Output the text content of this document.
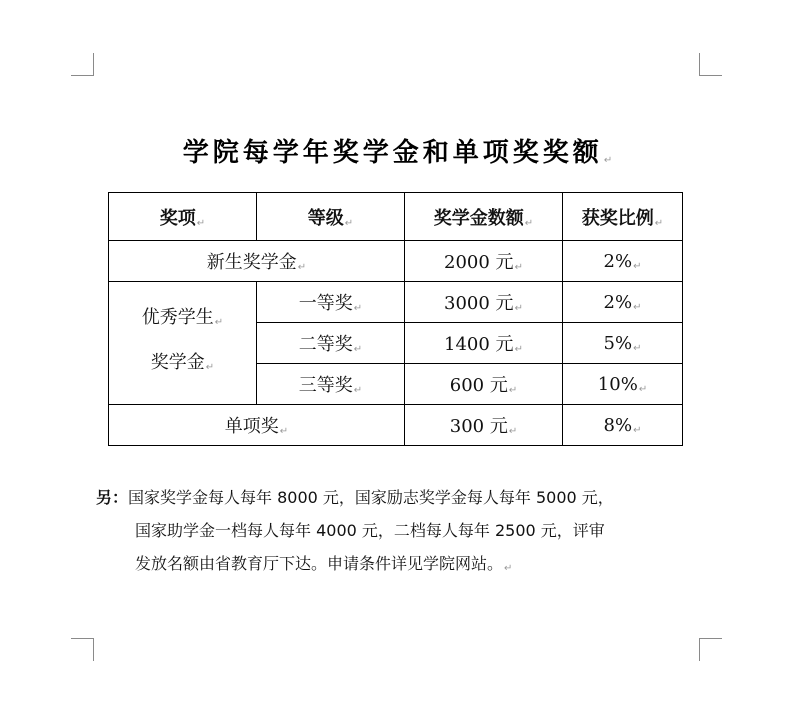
学院每学年奖学金和单项奖奖额↵
奖项↵	等级↵	奖学金数额↵	获奖比例↵
新生奖学金↵		2000 元↵	2%↵

优秀学生↵
奖学金↵	一等奖↵	3000 元↵	2%↵
	二等奖↵	1400 元↵	5%↵
	三等奖↵	600 元↵	10%↵
单项奖↵		300 元↵	8%↵
另：国家奖学金每人每年 8000 元，国家励志奖学金每人每年 5000 元，
国家助学金一档每人每年 4000 元，二档每人每年 2500 元，评审
发放名额由省教育厅下达。申请条件详见学院网站。↵
